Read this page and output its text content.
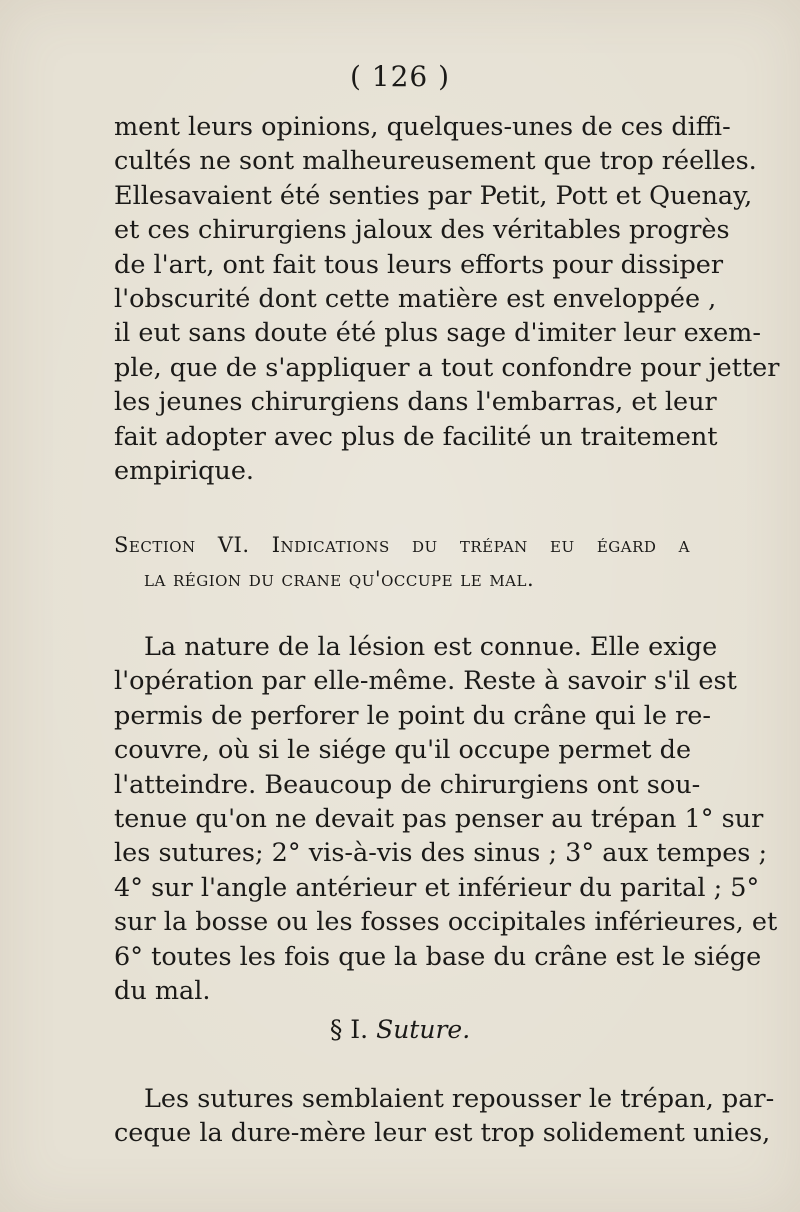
( 126 )
ment leurs opinions, quelques-unes de ces diffi-
cultés ne sont malheureusement que trop réelles.
Ellesavaient été senties par Petit, Pott et Quenay,
et ces chirurgiens jaloux des véritables progrès
de l'art, ont fait tous leurs efforts pour dissiper
l'obscurité dont cette matière est enveloppée ,
il eut sans doute été plus sage d'imiter leur exem-
ple, que de s'appliquer a tout confondre pour jetter
les jeunes chirurgiens dans l'embarras, et leur
fait adopter avec plus de facilité un traitement
empirique.
Section VI. Indications du trépan eu égard a
la région du crane qu'occupe le mal.
La nature de la lésion est connue. Elle exige
l'opération par elle-même. Reste à savoir s'il est
permis de perforer le point du crâne qui le re-
couvre, où si le siége qu'il occupe permet de
l'atteindre. Beaucoup de chirurgiens ont sou-
tenue qu'on ne devait pas penser au trépan 1° sur
les sutures; 2° vis-à-vis des sinus ; 3° aux tempes ;
4° sur l'angle antérieur et inférieur du parital ; 5°
sur la bosse ou les fosses occipitales inférieures, et
6° toutes les fois que la base du crâne est le siége
du mal.
§ I. Suture.
Les sutures semblaient repousser le trépan, par-
ceque la dure-mère leur est trop solidement unies,
